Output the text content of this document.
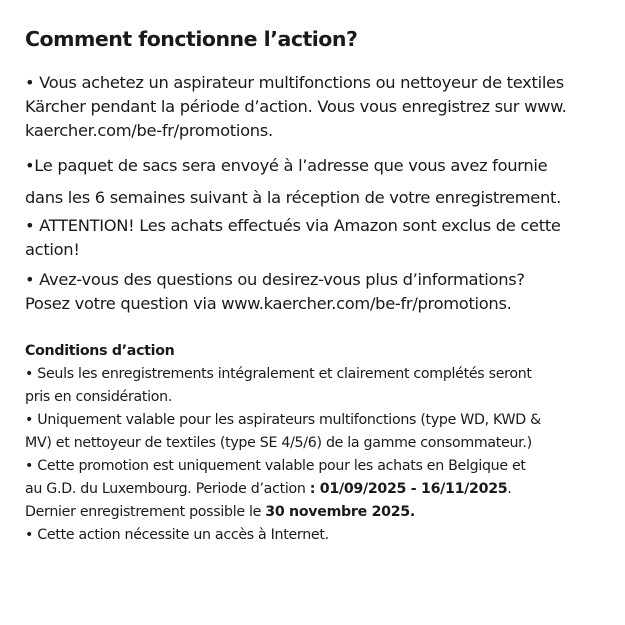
Comment fonctionne l’action?

• Vous achetez un aspirateur multifonctions ou nettoyeur de textiles
Kärcher pendant la période d’action. Vous vous enregistrez sur www.
kaercher.com/be-fr/promotions.

•Le paquet de sacs sera envoyé à l’adresse que vous avez fournie
dans les 6 semaines suivant à la réception de votre enregistrement.

• ATTENTION! Les achats effectués via Amazon sont exclus de cette
action!

• Avez-vous des questions ou desirez-vous plus d’informations?
Posez votre question via www.kaercher.com/be-fr/promotions.

Conditions d’action
• Seuls les enregistrements intégralement et clairement complétés seront
pris en considération.
• Uniquement valable pour les aspirateurs multifonctions (type WD, KWD &
MV) et nettoyeur de textiles (type SE 4/5/6) de la gamme consommateur.)
• Cette promotion est uniquement valable pour les achats en Belgique et
au G.D. du Luxembourg. Periode d’action : 01/09/2025 - 16/11/2025.
Dernier enregistrement possible le 30 novembre 2025.
• Cette action nécessite un accès à Internet.
